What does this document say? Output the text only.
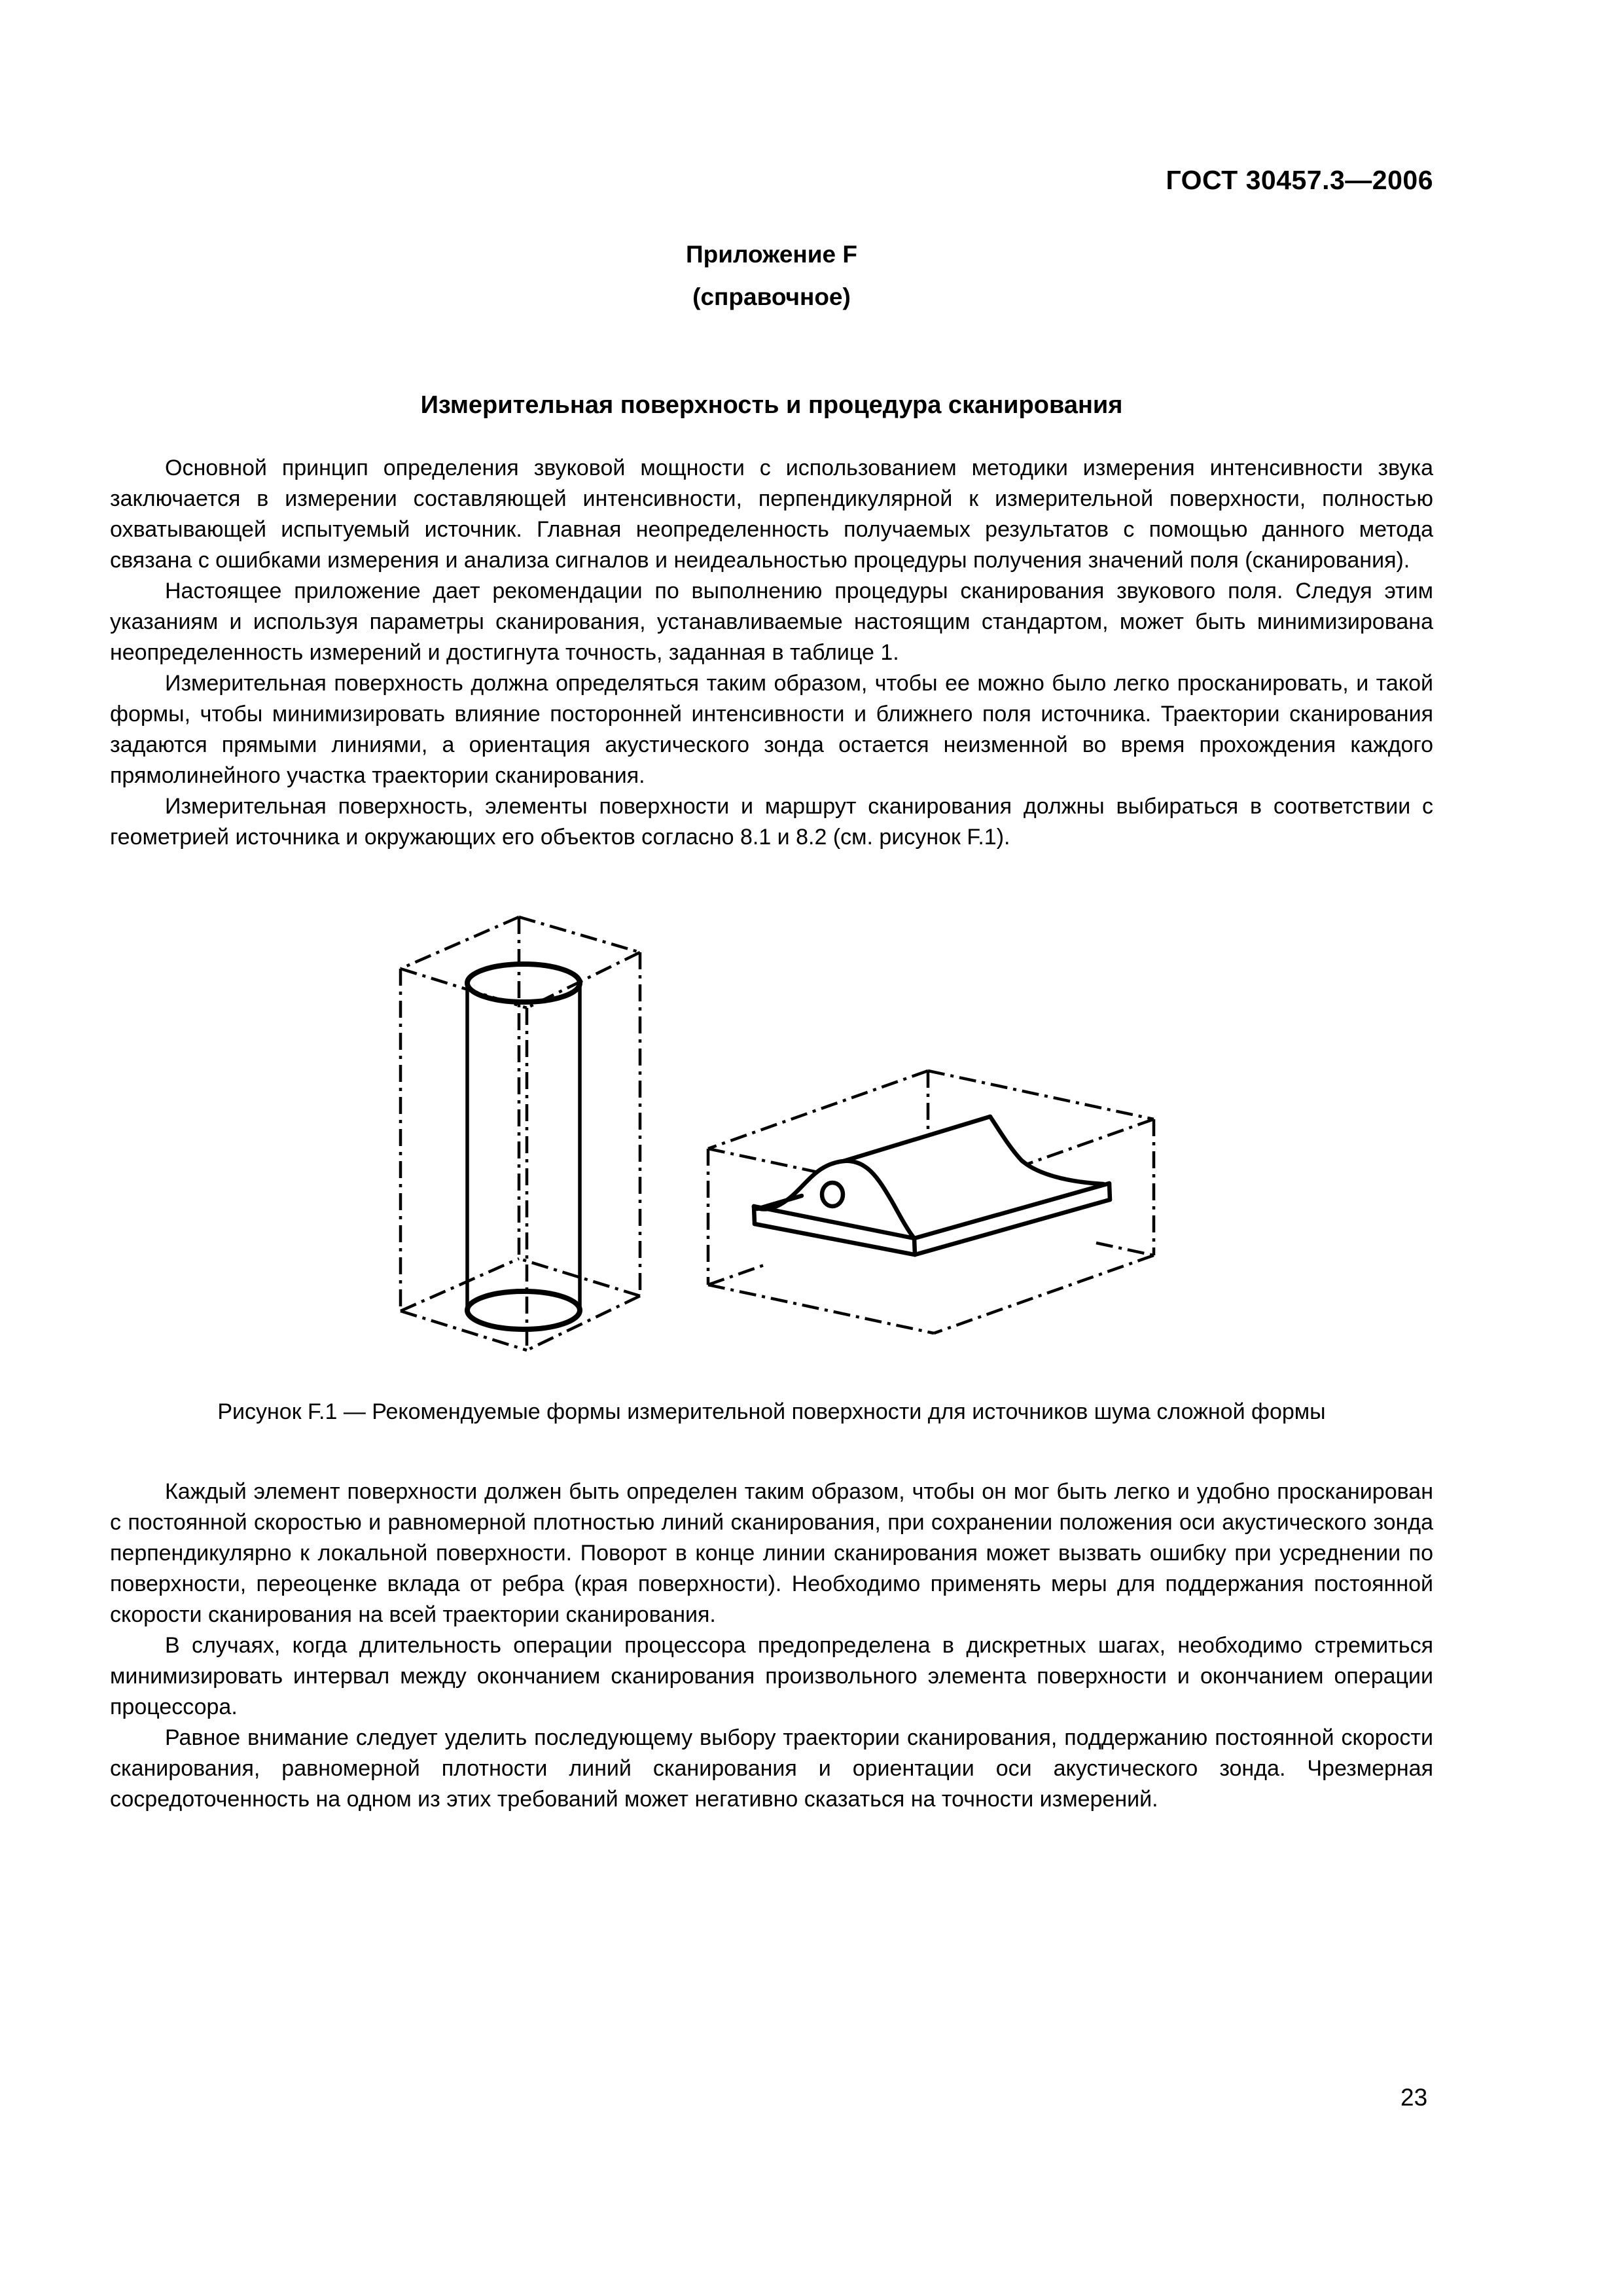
ГОСТ 30457.3—2006
Приложение F
(справочное)
Измерительная поверхность и процедура сканирования

Основной принцип определения звуковой мощности с использованием методики измерения интенсивности звука заключается в измерении составляющей интенсивности, перпендикулярной к измерительной поверхности, полностью охватывающей испытуемый источник. Главная неопределенность получаемых результатов с помощью данного метода связана с ошибками измерения и анализа сигналов и неидеальностью процедуры получения значений поля (сканирования).

Настоящее приложение дает рекомендации по выполнению процедуры сканирования звукового поля. Следуя этим указаниям и используя параметры сканирования, устанавливаемые настоящим стандартом, может быть минимизирована неопределенность измерений и достигнута точность, заданная в таблице 1.

Измерительная поверхность должна определяться таким образом, чтобы ее можно было легко просканировать, и такой формы, чтобы минимизировать влияние посторонней интенсивности и ближнего поля источника. Траектории сканирования задаются прямыми линиями, а ориентация акустического зонда остается неизменной во время прохождения каждого прямолинейного участка траектории сканирования.

Измерительная поверхность, элементы поверхности и маршрут сканирования должны выбираться в соответствии с геометрией источника и окружающих его объектов согласно 8.1 и 8.2 (см. рисунок F.1).

Рисунок F.1 — Рекомендуемые формы измерительной поверхности для источников шума сложной формы

Каждый элемент поверхности должен быть определен таким образом, чтобы он мог быть легко и удобно просканирован с постоянной скоростью и равномерной плотностью линий сканирования, при сохранении положения оси акустического зонда перпендикулярно к локальной поверхности. Поворот в конце линии сканирования может вызвать ошибку при усреднении по поверхности, переоценке вклада от ребра (края поверхности). Необходимо применять меры для поддержания постоянной скорости сканирования на всей траектории сканирования.

В случаях, когда длительность операции процессора предопределена в дискретных шагах, необходимо стремиться минимизировать интервал между окончанием сканирования произвольного элемента поверхности и окончанием операции процессора.

Равное внимание следует уделить последующему выбору траектории сканирования, поддержанию постоянной скорости сканирования, равномерной плотности линий сканирования и ориентации оси акустического зонда. Чрезмерная сосредоточенность на одном из этих требований может негативно сказаться на точности измерений.

23
